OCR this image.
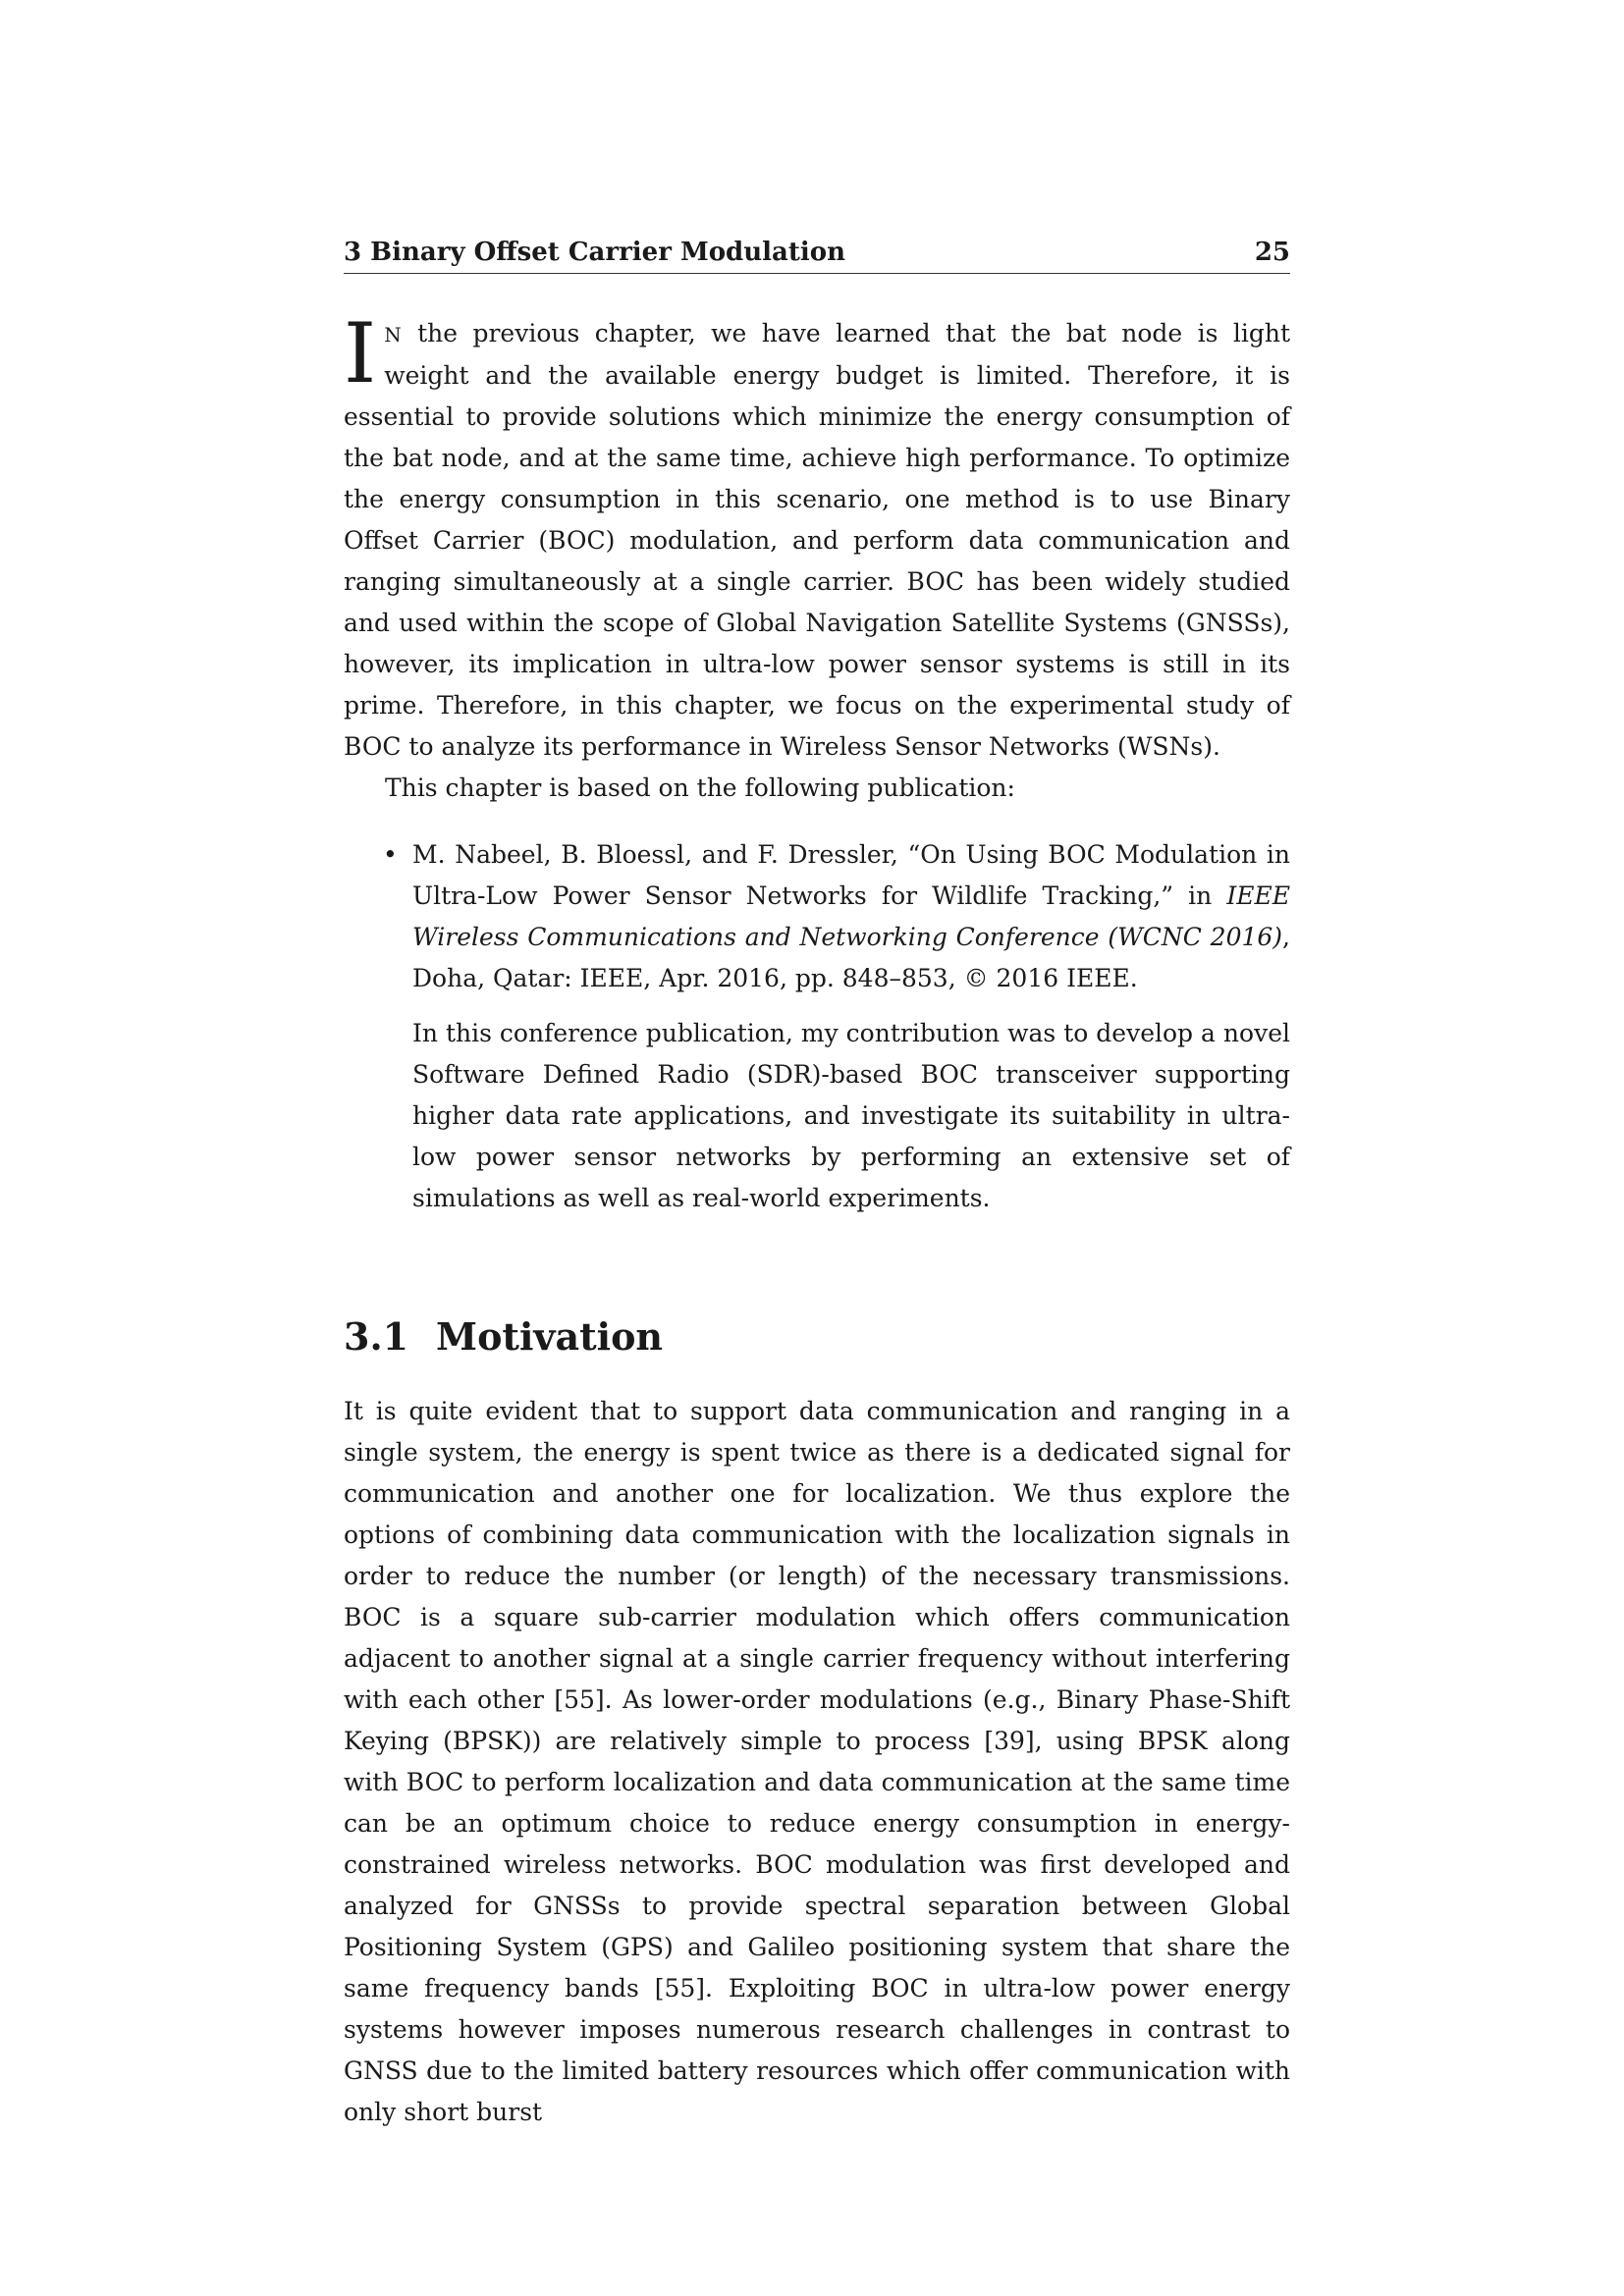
3 Binary Offset Carrier Modulation	25

I N the previous chapter, we have learned that the bat node is light weight and the available energy budget is limited. Therefore, it is essential to provide solutions which minimize the energy consumption of the bat node, and at the same time, achieve high performance. To optimize the energy consumption in this scenario, one method is to use Binary Offset Carrier (BOC) modulation, and perform data communication and ranging simultaneously at a single carrier. BOC has been widely studied and used within the scope of Global Navigation Satellite Systems (GNSSs), however, its implication in ultra-low power sensor systems is still in its prime. Therefore, in this chapter, we focus on the experimental study of BOC to analyze its performance in Wireless Sensor Networks (WSNs).

This chapter is based on the following publication:

• M. Nabeel, B. Bloessl, and F. Dressler, “On Using BOC Modulation in Ultra-Low Power Sensor Networks for Wildlife Tracking,” in IEEE Wireless Communications and Networking Conference (WCNC 2016), Doha, Qatar: IEEE, Apr. 2016, pp. 848–853, © 2016 IEEE.

In this conference publication, my contribution was to develop a novel Software Defined Radio (SDR)-based BOC transceiver supporting higher data rate applications, and investigate its suitability in ultra-low power sensor networks by performing an extensive set of simulations as well as real-world experiments.

3.1 Motivation

It is quite evident that to support data communication and ranging in a single system, the energy is spent twice as there is a dedicated signal for communication and another one for localization. We thus explore the options of combining data communication with the localization signals in order to reduce the number (or length) of the necessary transmissions. BOC is a square sub-carrier modulation which offers communication adjacent to another signal at a single carrier frequency without interfering with each other [55]. As lower-order modulations (e.g., Binary Phase-Shift Keying (BPSK)) are relatively simple to process [39], using BPSK along with BOC to perform localization and data communication at the same time can be an optimum choice to reduce energy consumption in energy-constrained wireless networks. BOC modulation was first developed and analyzed for GNSSs to provide spectral separation between Global Positioning System (GPS) and Galileo positioning system that share the same frequency bands [55]. Exploiting BOC in ultra-low power energy systems however imposes numerous research challenges in contrast to GNSS due to the limited battery resources which offer communication with only short burst
